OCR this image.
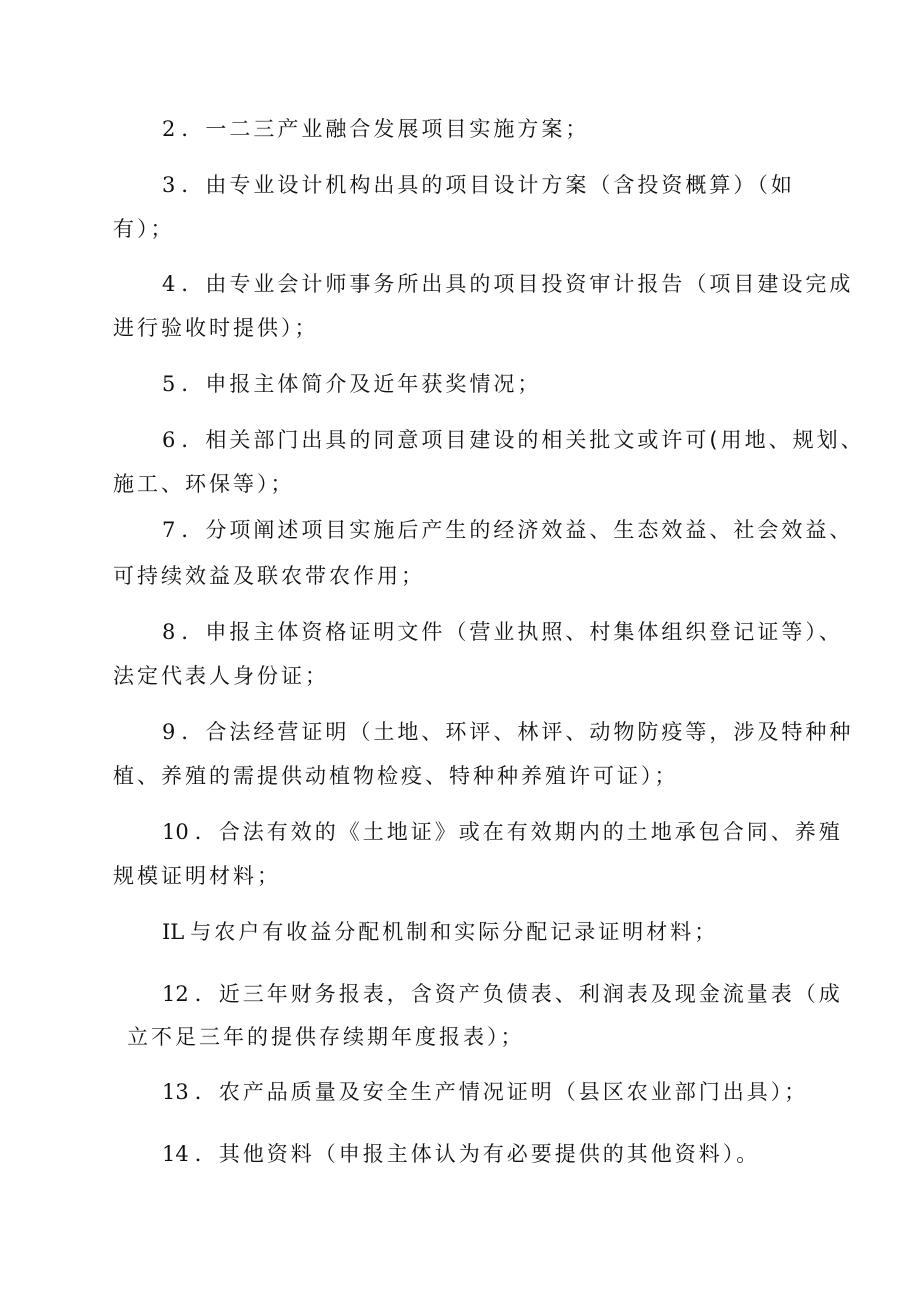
2 ．一二三产业融合发展项目实施方案；
3 ．由专业设计机构出具的项目设计方案（含投资概算）（如
有）；
4 ．由专业会计师事务所出具的项目投资审计报告（项目建设完成
进行验收时提供）；
5 ．申报主体简介及近年获奖情况；
6 ．相关部门出具的同意项目建设的相关批文或许可(用地、规划、
施工、环保等）；
7 ．分项阐述项目实施后产生的经济效益、生态效益、社会效益、
可持续效益及联农带农作用；
8 ．申报主体资格证明文件（营业执照、村集体组织登记证等）、
法定代表人身份证；
9 ．合法经营证明（土地、环评、林评、动物防疫等，涉及特种种
植、养殖的需提供动植物检疫、特种种养殖许可证）；
10 ．合法有效的《土地证》或在有效期内的土地承包合同、养殖
规模证明材料；
IL 与农户有收益分配机制和实际分配记录证明材料；
12 ．近三年财务报表，含资产负债表、利润表及现金流量表（成
立不足三年的提供存续期年度报表）；
13 ．农产品质量及安全生产情况证明（县区农业部门出具）；
14 ．其他资料（申报主体认为有必要提供的其他资料）。
